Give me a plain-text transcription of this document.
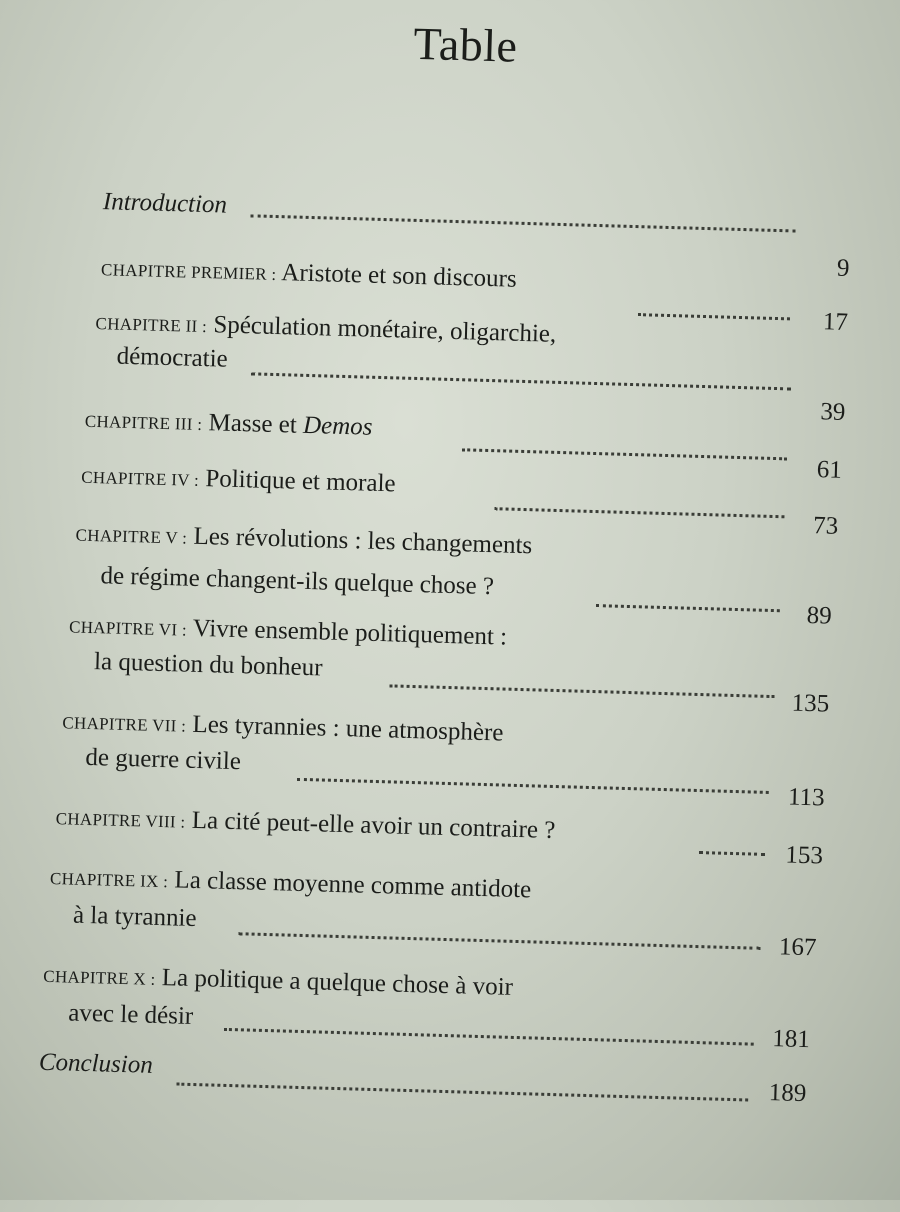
Table
Introduction
9
CHAPITRE PREMIER : Aristote et son discours
17
CHAPITRE II : Spéculation monétaire, oligarchie,
démocratie
39
CHAPITRE III : Masse et Demos
61
CHAPITRE IV : Politique et morale
73
CHAPITRE V : Les révolutions : les changements
de régime changent-ils quelque chose ?
89
CHAPITRE VI : Vivre ensemble politiquement :
la question du bonheur
135
CHAPITRE VII : Les tyrannies : une atmosphère
de guerre civile
113
CHAPITRE VIII : La cité peut-elle avoir un contraire ?
153
CHAPITRE IX : La classe moyenne comme antidote
à la tyrannie
167
CHAPITRE X : La politique a quelque chose à voir
avec le désir
181
Conclusion
189
